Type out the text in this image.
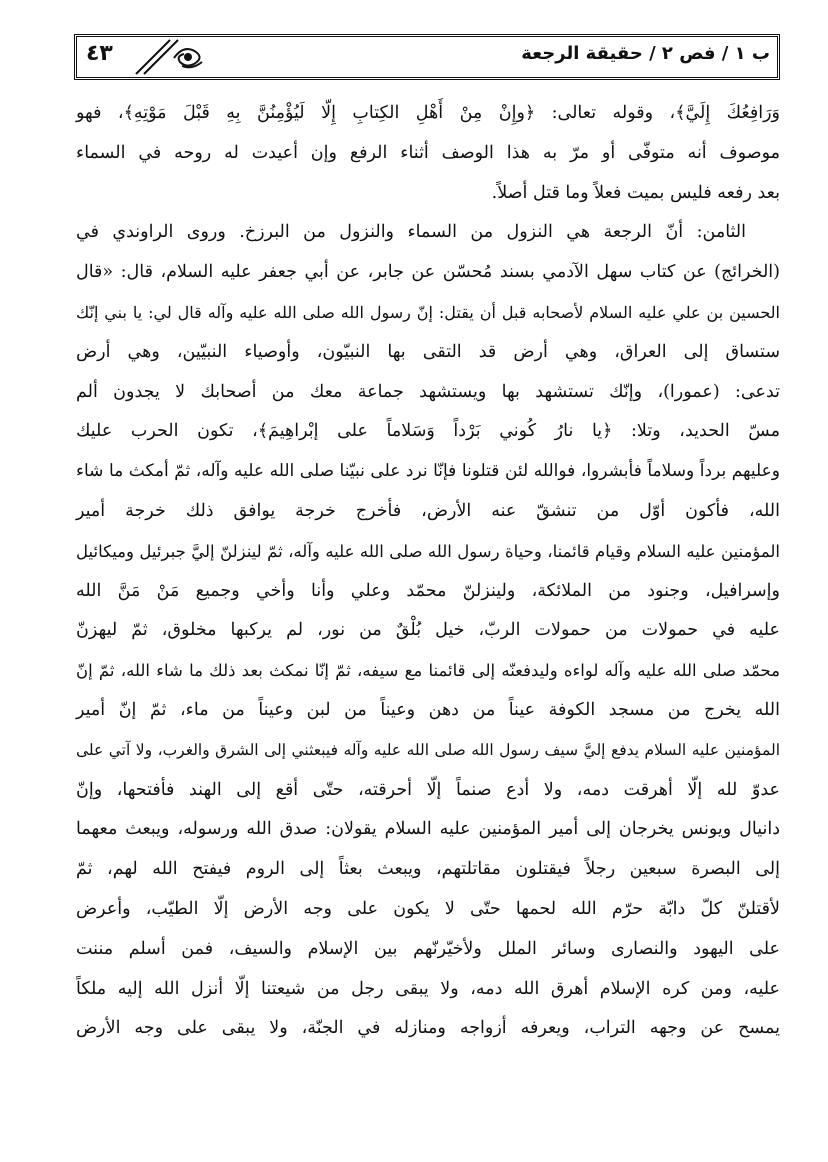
ب ١ / فص ٢ / حقيقة الرجعة
٤٣
وَرَافِعُكَ إِلَيَّ﴾، وقوله تعالى: ﴿وإِنْ مِنْ أَهْلِ الكِتابِ إِلّا لَيُؤْمِنُنَّ بِهِ قَبْلَ مَوْتِهِ﴾، فهو
موصوف أنه متوفّى أو مرّ به هذا الوصف أثناء الرفع وإن أعيدت له روحه في السماء
بعد رفعه فليس بميت فعلاً وما قتل أصلاً.
الثامن: أنّ الرجعة هي النزول من السماء والنزول من البرزخ. وروى الراوندي في
(الخرائج) عن كتاب سهل الآدمي بسند مُحسّن عن جابر، عن أبي جعفر عليه السلام، قال: «قال
الحسين بن علي عليه السلام لأصحابه قبل أن يقتل: إنّ رسول الله صلى الله عليه وآله قال لي: يا بني إنّك
ستساق إلى العراق، وهي أرض قد التقى بها النبيّون، وأوصياء النبيّين، وهي أرض
تدعى: (عمورا)، وإنّك تستشهد بها ويستشهد جماعة معك من أصحابك لا يجدون ألم
مسّ الحديد، وتلا: ﴿يا نارُ كُوني بَرْداً وَسَلاماً على إبْراهِيمَ﴾، تكون الحرب عليك
وعليهم برداً وسلاماً فأبشروا، فوالله لئن قتلونا فإنّا نرد على نبيّنا صلى الله عليه وآله، ثمّ أمكث ما شاء
الله، فأكون أوّل من تنشقّ عنه الأرض، فأخرج خرجة يوافق ذلك خرجة أمير
المؤمنين عليه السلام وقيام قائمنا، وحياة رسول الله صلى الله عليه وآله، ثمّ لينزلنّ إليَّ جبرئيل وميكائيل
وإسرافيل، وجنود من الملائكة، ولينزلنّ محمّد وعلي وأنا وأخي وجميع مَنْ مَنَّ الله
عليه في حمولات من حمولات الربّ، خيل بُلْقٌ من نور، لم يركبها مخلوق، ثمّ ليهزنّ
محمّد صلى الله عليه وآله لواءه وليدفعنّه إلى قائمنا مع سيفه، ثمّ إنّا نمكث بعد ذلك ما شاء الله، ثمّ إنّ
الله يخرج من مسجد الكوفة عيناً من دهن وعيناً من لبن وعيناً من ماء، ثمّ إنّ أمير
المؤمنين عليه السلام يدفع إليَّ سيف رسول الله صلى الله عليه وآله فيبعثني إلى الشرق والغرب، ولا آتي على
عدوّ لله إلّا أهرقت دمه، ولا أدع صنماً إلّا أحرقته، حتّى أقع إلى الهند فأفتحها، وإنّ
دانيال ويونس يخرجان إلى أمير المؤمنين عليه السلام يقولان: صدق الله ورسوله، ويبعث معهما
إلى البصرة سبعين رجلاً فيقتلون مقاتلتهم، ويبعث بعثاً إلى الروم فيفتح الله لهم، ثمّ
لأقتلنّ كلّ دابّة حرّم الله لحمها حتّى لا يكون على وجه الأرض إلّا الطيّب، وأعرض
على اليهود والنصارى وسائر الملل ولأخيّرنّهم بين الإسلام والسيف، فمن أسلم مننت
عليه، ومن كره الإسلام أهرق الله دمه، ولا يبقى رجل من شيعتنا إلّا أنزل الله إليه ملكاً
يمسح عن وجهه التراب، ويعرفه أزواجه ومنازله في الجنّة، ولا يبقى على وجه الأرض
